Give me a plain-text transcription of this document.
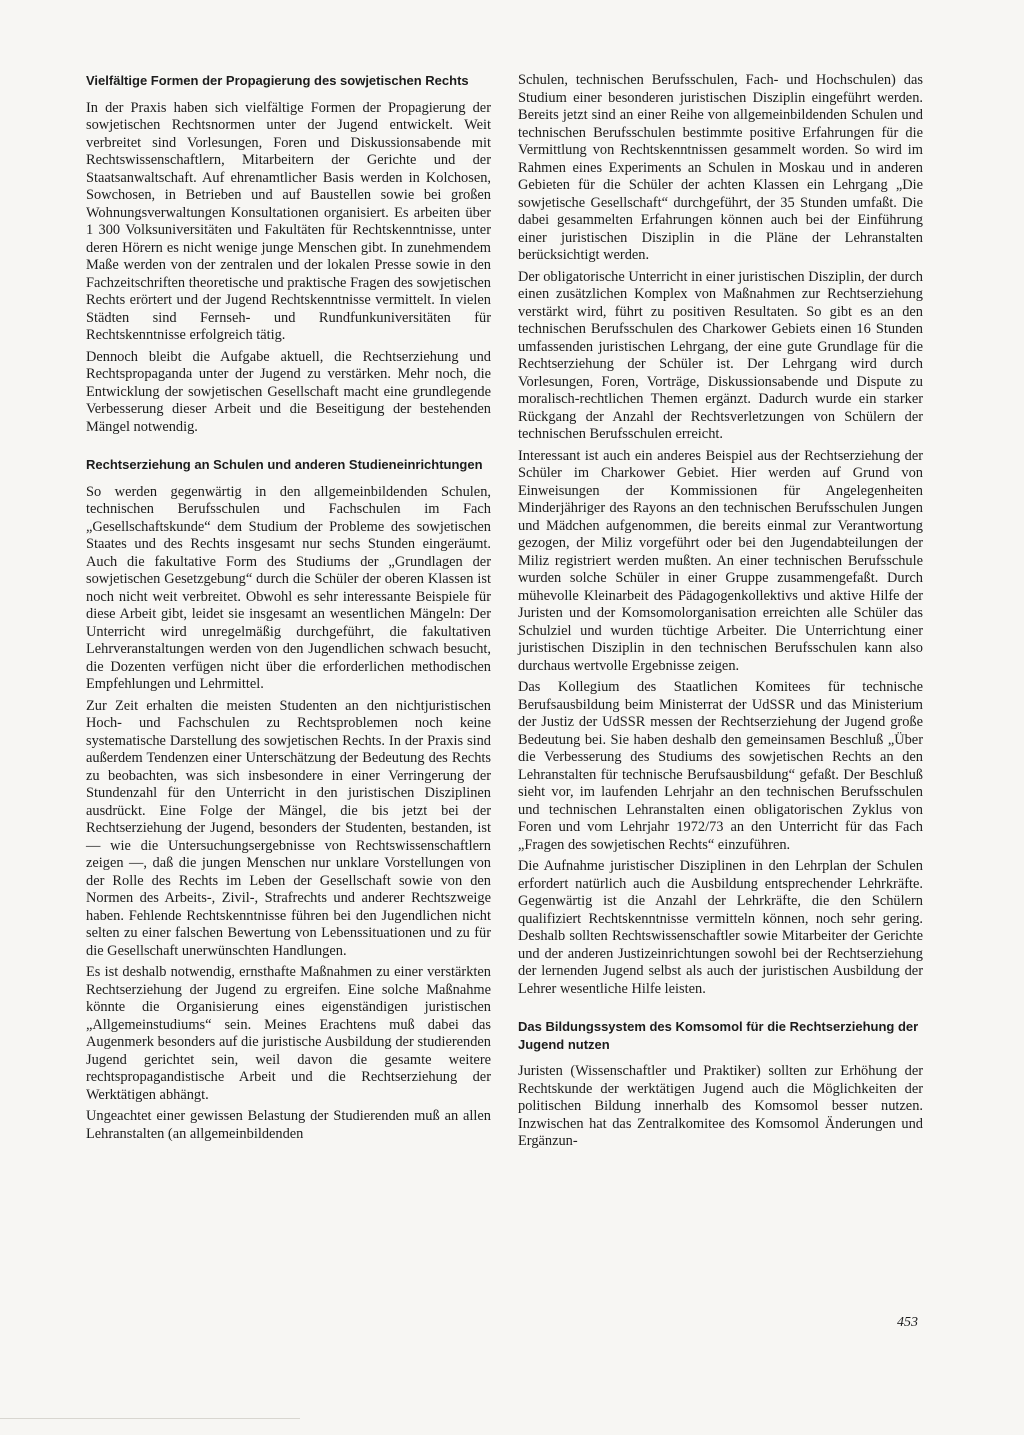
Vielfältige Formen der Propagierung des sowjetischen Rechts

In der Praxis haben sich vielfältige Formen der Propagierung der sowjetischen Rechtsnormen unter der Jugend entwickelt. Weit verbreitet sind Vorlesungen, Foren und Diskussionsabende mit Rechtswissenschaftlern, Mitarbeitern der Gerichte und der Staatsanwaltschaft. Auf ehrenamtlicher Basis werden in Kolchosen, Sowchosen, in Betrieben und auf Baustellen sowie bei großen Wohnungsverwaltungen Konsultationen organisiert. Es arbeiten über 1 300 Volksuniversitäten und Fakultäten für Rechtskenntnisse, unter deren Hörern es nicht wenige junge Menschen gibt. In zunehmendem Maße werden von der zentralen und der lokalen Presse sowie in den Fachzeitschriften theoretische und praktische Fragen des sowjetischen Rechts erörtert und der Jugend Rechtskenntnisse vermittelt. In vielen Städten sind Fernseh- und Rundfunkuniversitäten für Rechtskenntnisse erfolgreich tätig.

Dennoch bleibt die Aufgabe aktuell, die Rechtserziehung und Rechtspropaganda unter der Jugend zu verstärken. Mehr noch, die Entwicklung der sowjetischen Gesellschaft macht eine grundlegende Verbesserung dieser Arbeit und die Beseitigung der bestehenden Mängel notwendig.

Rechtserziehung an Schulen und anderen Studieneinrichtungen

So werden gegenwärtig in den allgemeinbildenden Schulen, technischen Berufsschulen und Fachschulen im Fach „Gesellschaftskunde“ dem Studium der Probleme des sowjetischen Staates und des Rechts insgesamt nur sechs Stunden eingeräumt. Auch die fakultative Form des Studiums der „Grundlagen der sowjetischen Gesetzgebung“ durch die Schüler der oberen Klassen ist noch nicht weit verbreitet. Obwohl es sehr interessante Beispiele für diese Arbeit gibt, leidet sie insgesamt an wesentlichen Mängeln: Der Unterricht wird unregelmäßig durchgeführt, die fakultativen Lehrveranstaltungen werden von den Jugendlichen schwach besucht, die Dozenten verfügen nicht über die erforderlichen methodischen Empfehlungen und Lehrmittel.

Zur Zeit erhalten die meisten Studenten an den nichtjuristischen Hoch- und Fachschulen zu Rechtsproblemen noch keine systematische Darstellung des sowjetischen Rechts. In der Praxis sind außerdem Tendenzen einer Unterschätzung der Bedeutung des Rechts zu beobachten, was sich insbesondere in einer Verringerung der Stundenzahl für den Unterricht in den juristischen Disziplinen ausdrückt. Eine Folge der Mängel, die bis jetzt bei der Rechtserziehung der Jugend, besonders der Studenten, bestanden, ist — wie die Untersuchungsergebnisse von Rechtswissenschaftlern zeigen —, daß die jungen Menschen nur unklare Vorstellungen von der Rolle des Rechts im Leben der Gesellschaft sowie von den Normen des Arbeits-, Zivil-, Strafrechts und anderer Rechtszweige haben. Fehlende Rechtskenntnisse führen bei den Jugendlichen nicht selten zu einer falschen Bewertung von Lebenssituationen und zu für die Gesellschaft unerwünschten Handlungen.

Es ist deshalb notwendig, ernsthafte Maßnahmen zu einer verstärkten Rechtserziehung der Jugend zu ergreifen. Eine solche Maßnahme könnte die Organisierung eines eigenständigen juristischen „Allgemeinstudiums“ sein. Meines Erachtens muß dabei das Augenmerk besonders auf die juristische Ausbildung der studierenden Jugend gerichtet sein, weil davon die gesamte weitere rechtspropagandistische Arbeit und die Rechtserziehung der Werktätigen abhängt.

Ungeachtet einer gewissen Belastung der Studierenden muß an allen Lehranstalten (an allgemeinbildenden

Schulen, technischen Berufsschulen, Fach- und Hochschulen) das Studium einer besonderen juristischen Disziplin eingeführt werden. Bereits jetzt sind an einer Reihe von allgemeinbildenden Schulen und technischen Berufsschulen bestimmte positive Erfahrungen für die Vermittlung von Rechtskenntnissen gesammelt worden. So wird im Rahmen eines Experiments an Schulen in Moskau und in anderen Gebieten für die Schüler der achten Klassen ein Lehrgang „Die sowjetische Gesellschaft“ durchgeführt, der 35 Stunden umfaßt. Die dabei gesammelten Erfahrungen können auch bei der Einführung einer juristischen Disziplin in die Pläne der Lehranstalten berücksichtigt werden.

Der obligatorische Unterricht in einer juristischen Disziplin, der durch einen zusätzlichen Komplex von Maßnahmen zur Rechtserziehung verstärkt wird, führt zu positiven Resultaten. So gibt es an den technischen Berufsschulen des Charkower Gebiets einen 16 Stunden umfassenden juristischen Lehrgang, der eine gute Grundlage für die Rechtserziehung der Schüler ist. Der Lehrgang wird durch Vorlesungen, Foren, Vorträge, Diskussionsabende und Dispute zu moralisch-rechtlichen Themen ergänzt. Dadurch wurde ein starker Rückgang der Anzahl der Rechtsverletzungen von Schülern der technischen Berufsschulen erreicht.

Interessant ist auch ein anderes Beispiel aus der Rechtserziehung der Schüler im Charkower Gebiet. Hier werden auf Grund von Einweisungen der Kommissionen für Angelegenheiten Minderjähriger des Rayons an den technischen Berufsschulen Jungen und Mädchen aufgenommen, die bereits einmal zur Verantwortung gezogen, der Miliz vorgeführt oder bei den Jugendabteilungen der Miliz registriert werden mußten. An einer technischen Berufsschule wurden solche Schüler in einer Gruppe zusammengefaßt. Durch mühevolle Kleinarbeit des Pädagogenkollektivs und aktive Hilfe der Juristen und der Komsomolorganisation erreichten alle Schüler das Schulziel und wurden tüchtige Arbeiter. Die Unterrichtung einer juristischen Disziplin in den technischen Berufsschulen kann also durchaus wertvolle Ergebnisse zeigen.

Das Kollegium des Staatlichen Komitees für technische Berufsausbildung beim Ministerrat der UdSSR und das Ministerium der Justiz der UdSSR messen der Rechtserziehung der Jugend große Bedeutung bei. Sie haben deshalb den gemeinsamen Beschluß „Über die Verbesserung des Studiums des sowjetischen Rechts an den Lehranstalten für technische Berufsausbildung“ gefaßt. Der Beschluß sieht vor, im laufenden Lehrjahr an den technischen Berufsschulen und technischen Lehranstalten einen obligatorischen Zyklus von Foren und vom Lehrjahr 1972/73 an den Unterricht für das Fach „Fragen des sowjetischen Rechts“ einzuführen.

Die Aufnahme juristischer Disziplinen in den Lehrplan der Schulen erfordert natürlich auch die Ausbildung entsprechender Lehrkräfte. Gegenwärtig ist die Anzahl der Lehrkräfte, die den Schülern qualifiziert Rechtskenntnisse vermitteln können, noch sehr gering. Deshalb sollten Rechtswissenschaftler sowie Mitarbeiter der Gerichte und der anderen Justizeinrichtungen sowohl bei der Rechtserziehung der lernenden Jugend selbst als auch der juristischen Ausbildung der Lehrer wesentliche Hilfe leisten.

Das Bildungssystem des Komsomol für die Rechtserziehung der Jugend nutzen

Juristen (Wissenschaftler und Praktiker) sollten zur Erhöhung der Rechtskunde der werktätigen Jugend auch die Möglichkeiten der politischen Bildung innerhalb des Komsomol besser nutzen. Inzwischen hat das Zentralkomitee des Komsomol Änderungen und Ergänzun-

453
